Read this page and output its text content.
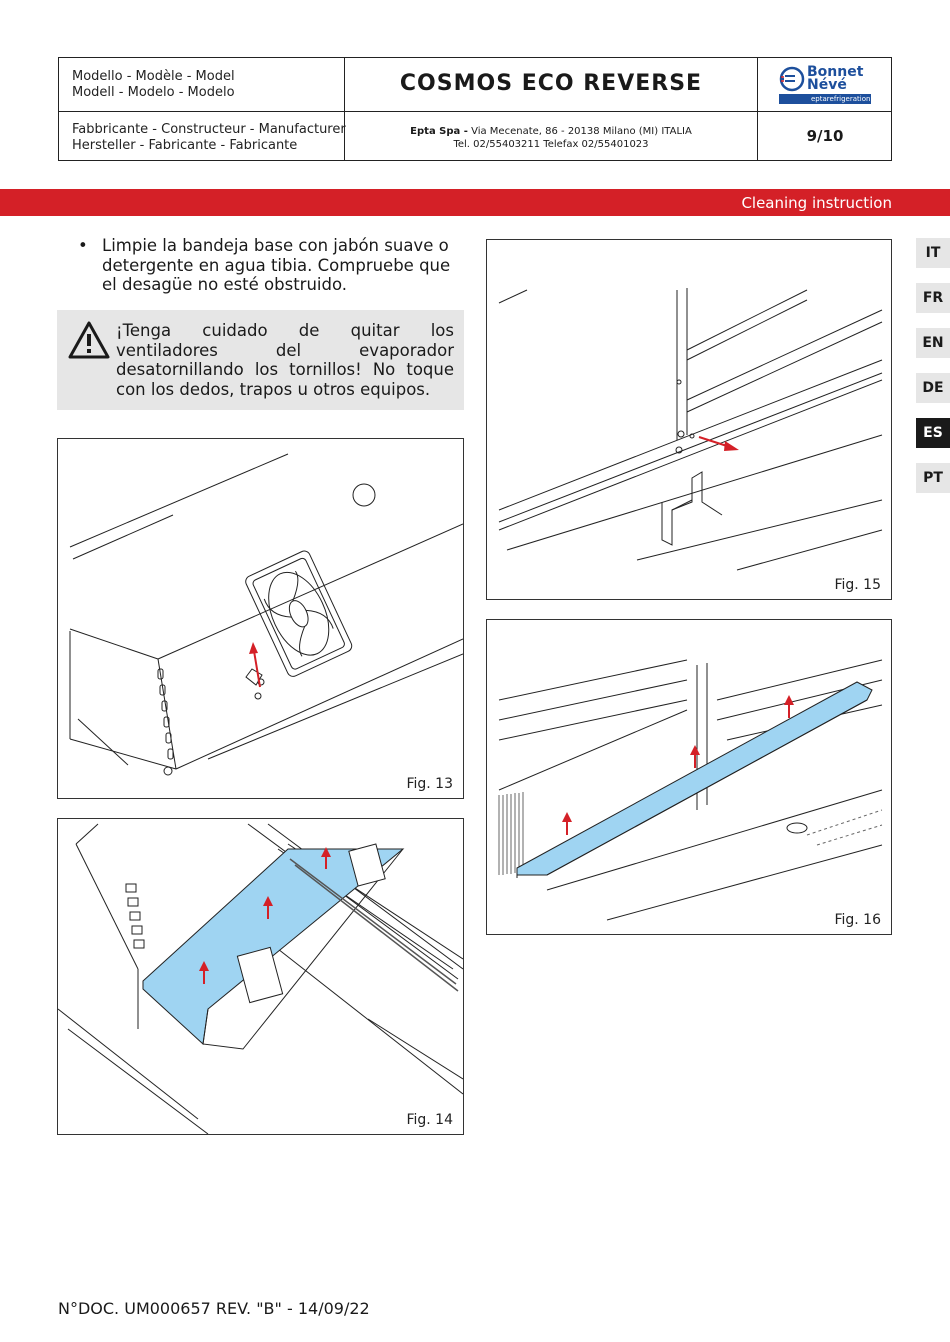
Modello - Modèle - Model
Modell - Modelo - Modelo	COSMOS ECO REVERSE	Bonnet
Névé
eptarefrigeration
Fabbricante - Constructeur - Manufacturer
Hersteller - Fabricante - Fabricante
Epta Spa - Via Mecenate, 86 - 20138 Milano (MI) ITALIA
Tel. 02/55403211 Telefax 02/55401023	9/10
Cleaning instruction
IT
FR
EN
DE
ES
PT
• Limpie la bandeja base con jabón suave o detergente en agua tibia. Compruebe que el desagüe no esté obstruido.
¡Tenga cuidado de quitar los ventiladores del evaporador desatornillando los tornillos! No toque con los dedos, trapos u otros equipos.
Fig. 13
Fig. 14
Fig. 15
Fig. 16
N°DOC. UM000657 REV. "B" - 14/09/22
